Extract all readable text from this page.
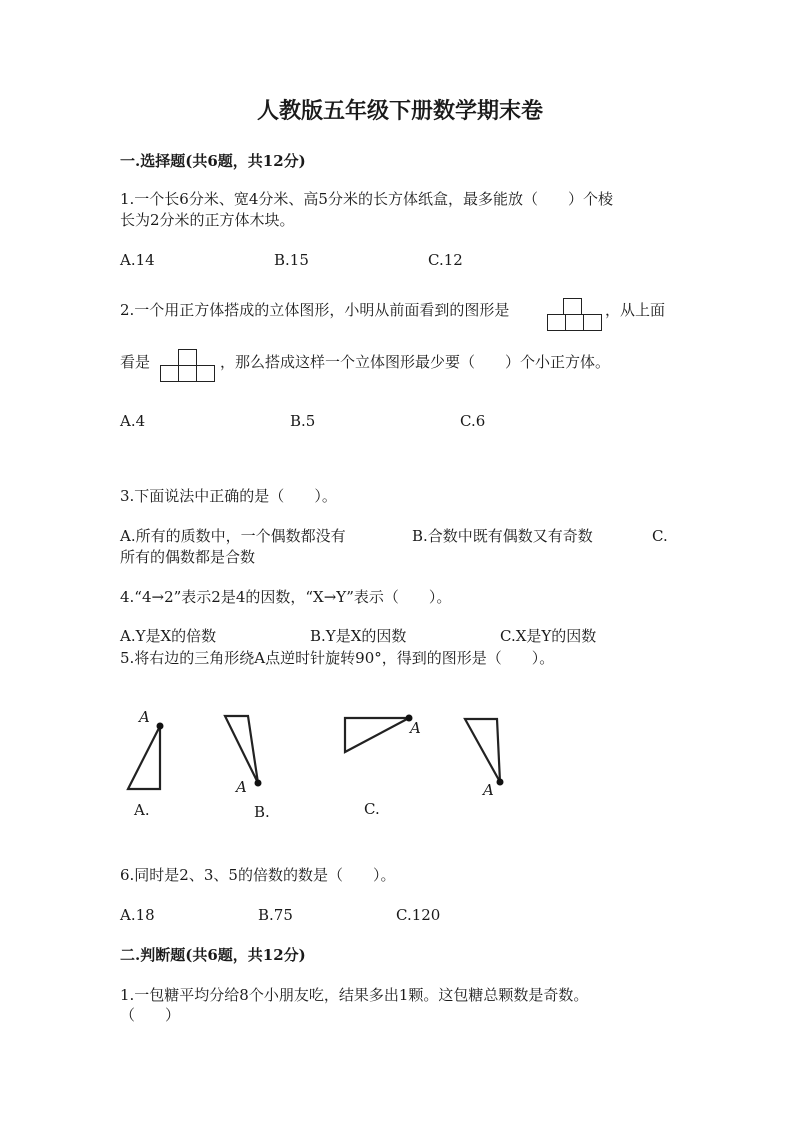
人教版五年级下册数学期末卷
一.选择题(共6题，共12分)
1.一个长6分米、宽4分米、高5分米的长方体纸盒，最多能放（　　）个棱
长为2分米的正方体木块。
A.14	B.15	C.12
2.一个用正方体搭成的立体图形，小明从前面看到的图形是	，从上面
看是	，那么搭成这样一个立体图形最少要（　　）个小正方体。
A.4	B.5	C.6
3.下面说法中正确的是（　　）。
A.所有的质数中，一个偶数都没有	B.合数中既有偶数又有奇数	C.
所有的偶数都是合数
4.“4→2”表示2是4的因数，“X→Y”表示（　　）。
A.Y是X的倍数	B.Y是X的因数	C.X是Y的因数
5.将右边的三角形绕A点逆时针旋转90°，得到的图形是（　　）。
A
A
A
A
A.	B.	C.
6.同时是2、3、5的倍数的数是（　　）。
A.18	B.75	C.120
二.判断题(共6题，共12分)
1.一包糖平均分给8个小朋友吃，结果多出1颗。这包糖总颗数是奇数。
（　　）
